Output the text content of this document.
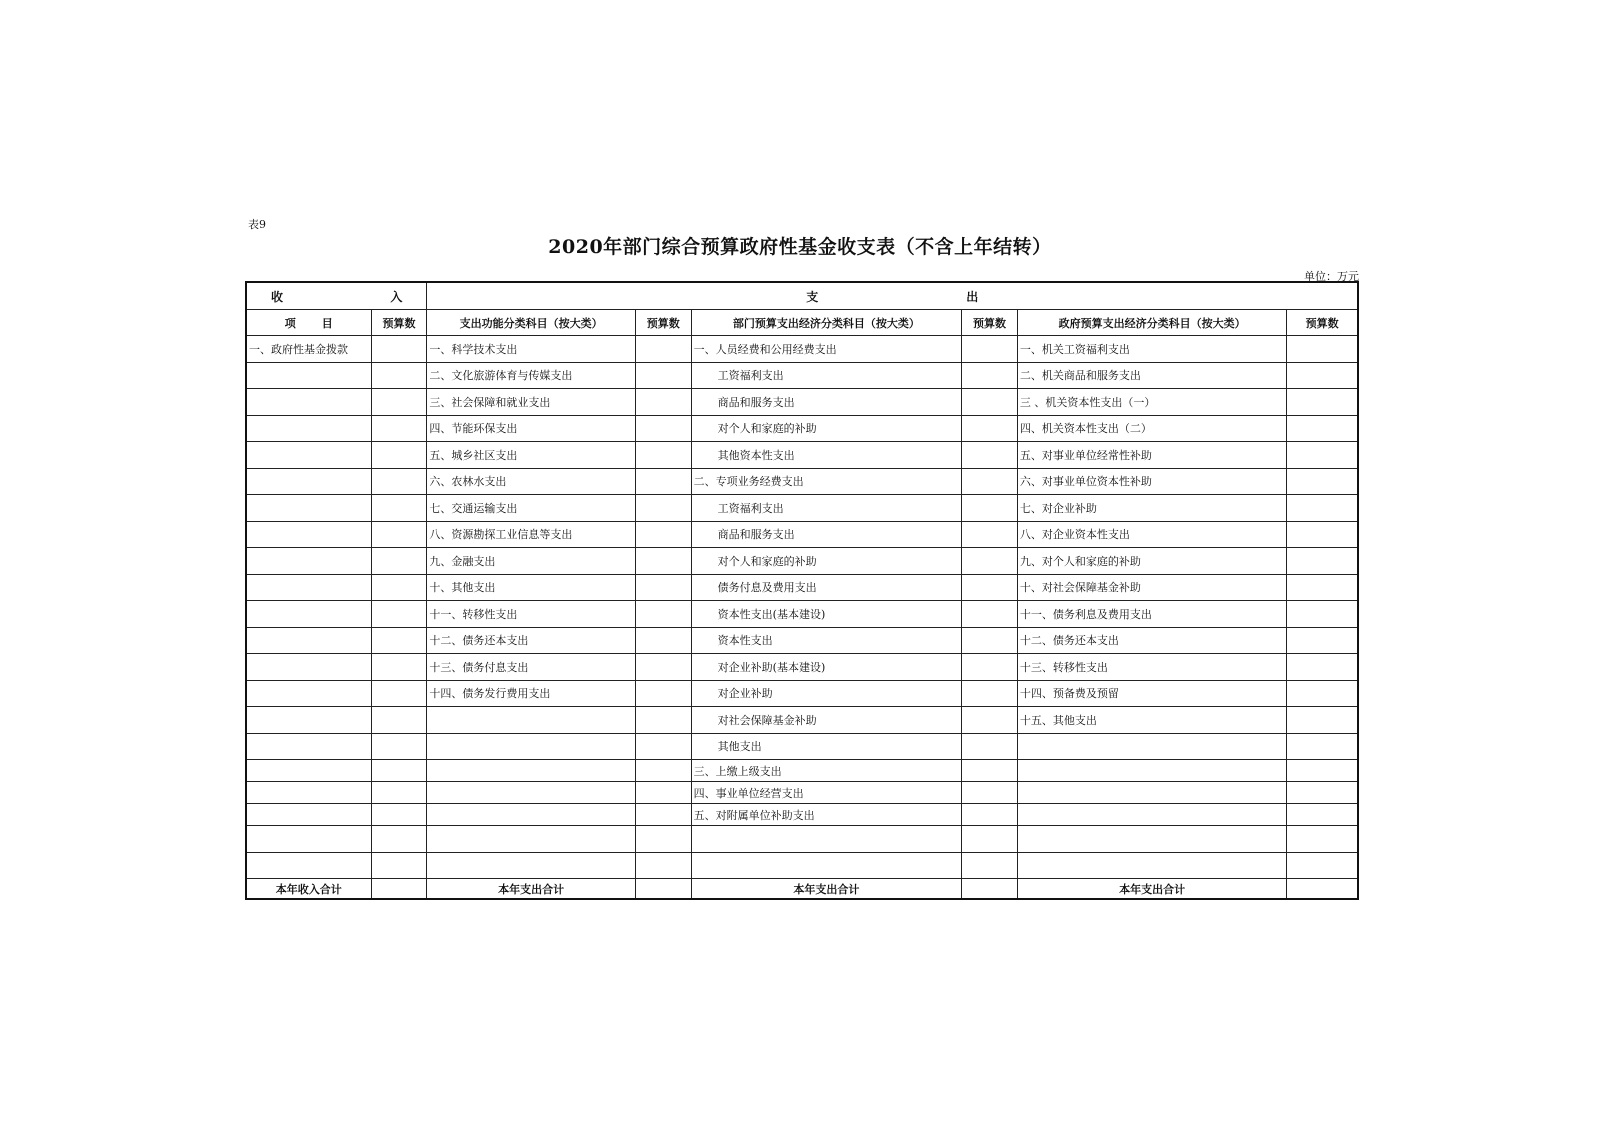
表9
2020年部门综合预算政府性基金收支表（不含上年结转）
单位：万元
收 入		支 出					

项 目	预算数	支出功能分类科目（按大类）	预算数	部门预算支出经济分类科目（按大类）	预算数	政府预算支出经济分类科目（按大类）	预算数
一、政府性基金拨款		一、科学技术支出		一、人员经费和公用经费支出		一、机关工资福利支出	
		二、文化旅游体育与传媒支出		工资福利支出		二、机关商品和服务支出	
		三、社会保障和就业支出		商品和服务支出		三 、机关资本性支出（一）	
		四、节能环保支出		对个人和家庭的补助		四、机关资本性支出（二）	
		五、城乡社区支出		其他资本性支出		五、对事业单位经常性补助	
		六、农林水支出		二、专项业务经费支出		六、对事业单位资本性补助	
		七、交通运输支出		工资福利支出		七、对企业补助	
		八、资源勘探工业信息等支出		商品和服务支出		八、对企业资本性支出	
		九、金融支出		对个人和家庭的补助		九、对个人和家庭的补助	
		十、其他支出		债务付息及费用支出		十、对社会保障基金补助	
		十一、转移性支出		资本性支出(基本建设)		十一、债务利息及费用支出	
		十二、债务还本支出		资本性支出		十二、债务还本支出	
		十三、债务付息支出		对企业补助(基本建设)		十三、转移性支出	
		十四、债务发行费用支出		对企业补助		十四、预备费及预留	
				对社会保障基金补助		十五、其他支出	
				其他支出			
				三、上缴上级支出			
				四、事业单位经营支出			
				五、对附属单位补助支出			

本年收入合计		本年支出合计		本年支出合计		本年支出合计	
